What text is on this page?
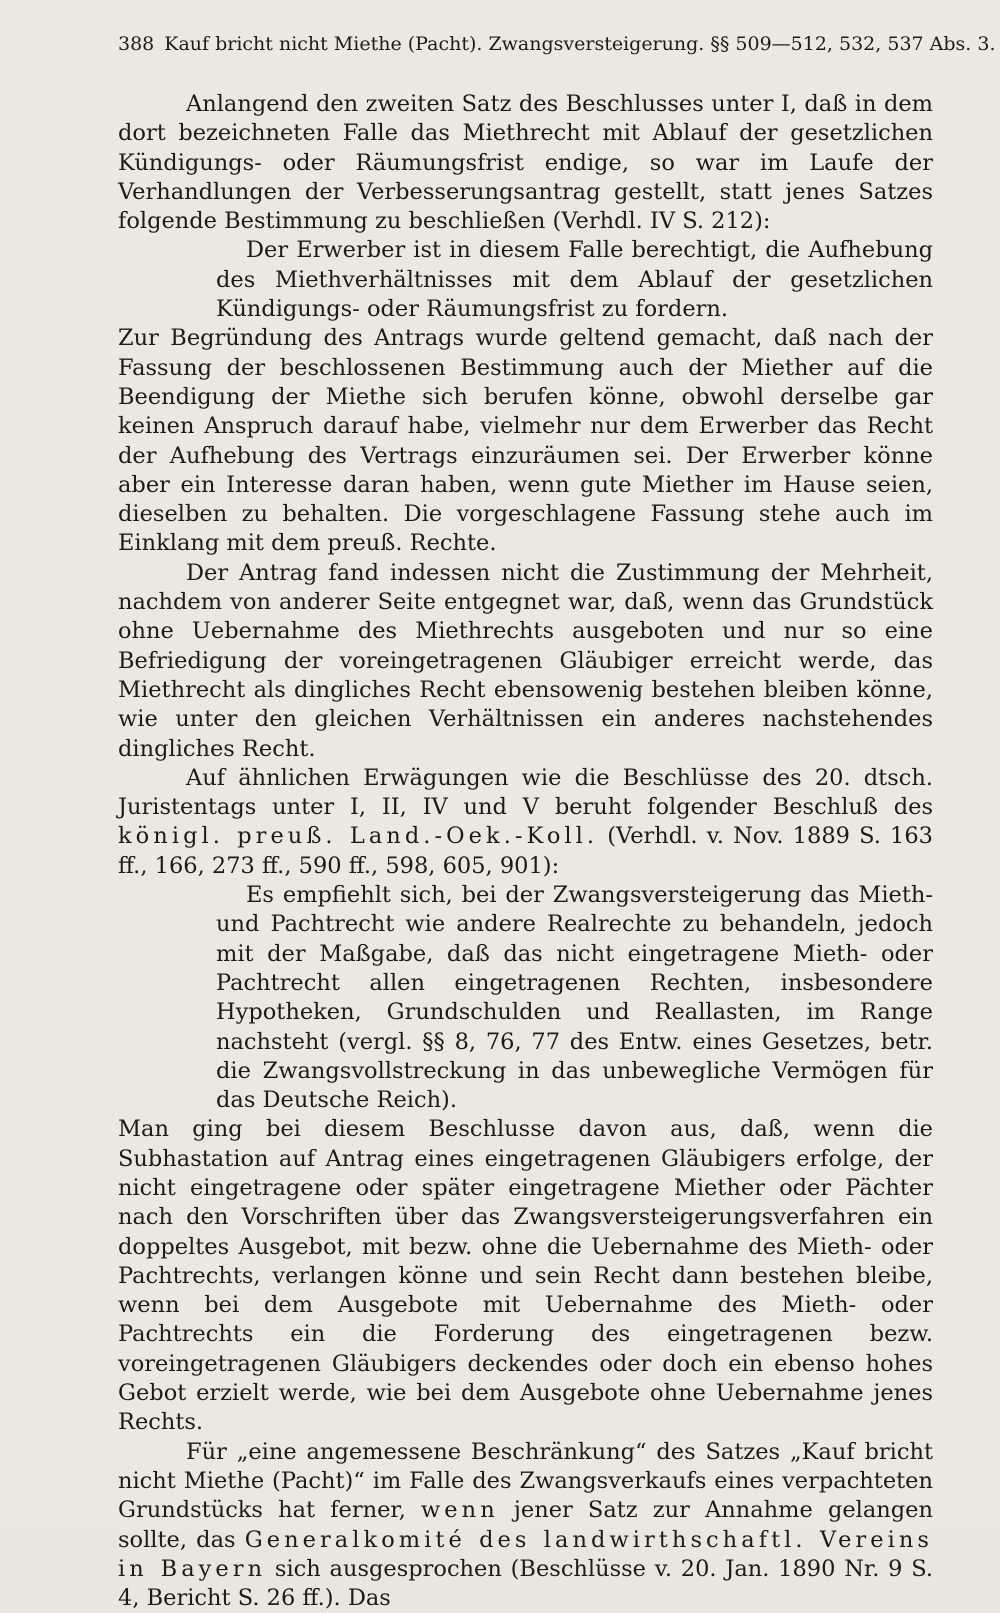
388 Kauf bricht nicht Miethe (Pacht). Zwangsversteigerung. §§ 509—512, 532, 537 Abs. 3.

Anlangend den zweiten Satz des Beschlusses unter I, daß in dem dort bezeichneten Falle das Miethrecht mit Ablauf der gesetzlichen Kündigungs- oder Räumungsfrist endige, so war im Laufe der Verhandlungen der Verbesserungsantrag gestellt, statt jenes Satzes folgende Bestimmung zu beschließen (Verhdl. IV S. 212):

Der Erwerber ist in diesem Falle berechtigt, die Aufhebung des Miethverhältnisses mit dem Ablauf der gesetzlichen Kündigungs- oder Räumungsfrist zu fordern.

Zur Begründung des Antrags wurde geltend gemacht, daß nach der Fassung der beschlossenen Bestimmung auch der Miether auf die Beendigung der Miethe sich berufen könne, obwohl derselbe gar keinen Anspruch darauf habe, vielmehr nur dem Erwerber das Recht der Aufhebung des Vertrags einzuräumen sei. Der Erwerber könne aber ein Interesse daran haben, wenn gute Miether im Hause seien, dieselben zu behalten. Die vorgeschlagene Fassung stehe auch im Einklang mit dem preuß. Rechte.

Der Antrag fand indessen nicht die Zustimmung der Mehrheit, nachdem von anderer Seite entgegnet war, daß, wenn das Grundstück ohne Uebernahme des Miethrechts ausgeboten und nur so eine Befriedigung der voreingetragenen Gläubiger erreicht werde, das Miethrecht als dingliches Recht ebensowenig bestehen bleiben könne, wie unter den gleichen Verhältnissen ein anderes nachstehendes dingliches Recht.

Auf ähnlichen Erwägungen wie die Beschlüsse des 20. dtsch. Juristentags unter I, II, IV und V beruht folgender Beschluß des königl. preuß. Land.-Oek.-Koll. (Verhdl. v. Nov. 1889 S. 163 ff., 166, 273 ff., 590 ff., 598, 605, 901):

Es empfiehlt sich, bei der Zwangsversteigerung das Mieth- und Pachtrecht wie andere Realrechte zu behandeln, jedoch mit der Maßgabe, daß das nicht eingetragene Mieth- oder Pachtrecht allen eingetragenen Rechten, insbesondere Hypotheken, Grundschulden und Reallasten, im Range nachsteht (vergl. §§ 8, 76, 77 des Entw. eines Gesetzes, betr. die Zwangsvollstreckung in das unbewegliche Vermögen für das Deutsche Reich).

Man ging bei diesem Beschlusse davon aus, daß, wenn die Subhastation auf Antrag eines eingetragenen Gläubigers erfolge, der nicht eingetragene oder später eingetragene Miether oder Pächter nach den Vorschriften über das Zwangsversteigerungsverfahren ein doppeltes Ausgebot, mit bezw. ohne die Uebernahme des Mieth- oder Pachtrechts, verlangen könne und sein Recht dann bestehen bleibe, wenn bei dem Ausgebote mit Uebernahme des Mieth- oder Pachtrechts ein die Forderung des eingetragenen bezw. voreingetragenen Gläubigers deckendes oder doch ein ebenso hohes Gebot erzielt werde, wie bei dem Ausgebote ohne Uebernahme jenes Rechts.

Für „eine angemessene Beschränkung“ des Satzes „Kauf bricht nicht Miethe (Pacht)“ im Falle des Zwangsverkaufs eines verpachteten Grundstücks hat ferner, wenn jener Satz zur Annahme gelangen sollte, das Generalkomité des landwirthschaftl. Vereins in Bayern sich ausgesprochen (Beschlüsse v. 20. Jan. 1890 Nr. 9 S. 4, Bericht S. 26 ff.). Das
